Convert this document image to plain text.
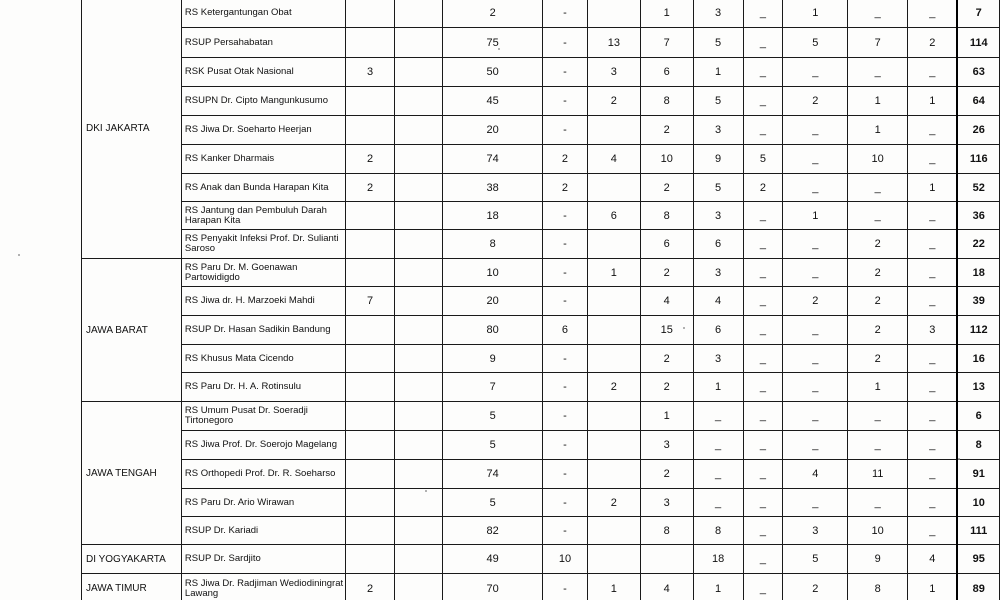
DKI JAKARTA	RS Ketergantungan Obat			2	-		1	3	_	1	_	_	7
	RSUP Persahabatan			75	-	13	7	5	_	5	7	2	114
	RSK Pusat Otak Nasional	3		50	-	3	6	1	_	_	_	_	63
	RSUPN Dr. Cipto Mangunkusumo			45	-	2	8	5	_	2	1	1	64
	RS Jiwa Dr. Soeharto Heerjan			20	-		2	3	_	_	1	_	26
	RS Kanker Dharmais	2		74	2	4	10	9	5	_	10	_	116
	RS Anak dan Bunda Harapan Kita	2		38	2		2	5	2	_	_	1	52
	RS Jantung dan Pembuluh Darah Harapan Kita			18	-	6	8	3	_	1	_	_	36
	RS Penyakit Infeksi Prof. Dr. Sulianti Saroso			8	-		6	6	_	_	2	_	22
JAWA BARAT	RS Paru Dr. M. Goenawan Partowidigdo			10	-	1	2	3	_	_	2	_	18
	RS Jiwa dr. H. Marzoeki Mahdi	7		20	-		4	4	_	2	2	_	39
	RSUP Dr. Hasan Sadikin Bandung			80	6		15	6	_	_	2	3	112
	RS Khusus Mata Cicendo			9	-		2	3	_	_	2	_	16
	RS Paru Dr. H. A. Rotinsulu			7	-	2	2	1	_	_	1	_	13
JAWA TENGAH	RS Umum Pusat Dr. Soeradji Tirtonegoro			5	-		1	_	_	_	_	_	6
	RS Jiwa Prof. Dr. Soerojo Magelang			5	-		3	_	_	_	_	_	8
	RS Orthopedi Prof. Dr. R. Soeharso			74	-		2	_	_	4	11	_	91
	RS Paru Dr. Ario Wirawan			5	-	2	3	_	_	_	_	_	10
	RSUP Dr. Kariadi			82	-		8	8	_	3	10	_	111
DI YOGYAKARTA	RSUP Dr. Sardjito			49	10			18	_	5	9	4	95
JAWA TIMUR	RS Jiwa Dr. Radjiman Wediodiningrat Lawang	2		70	-	1	4	1	_	2	8	1	89
